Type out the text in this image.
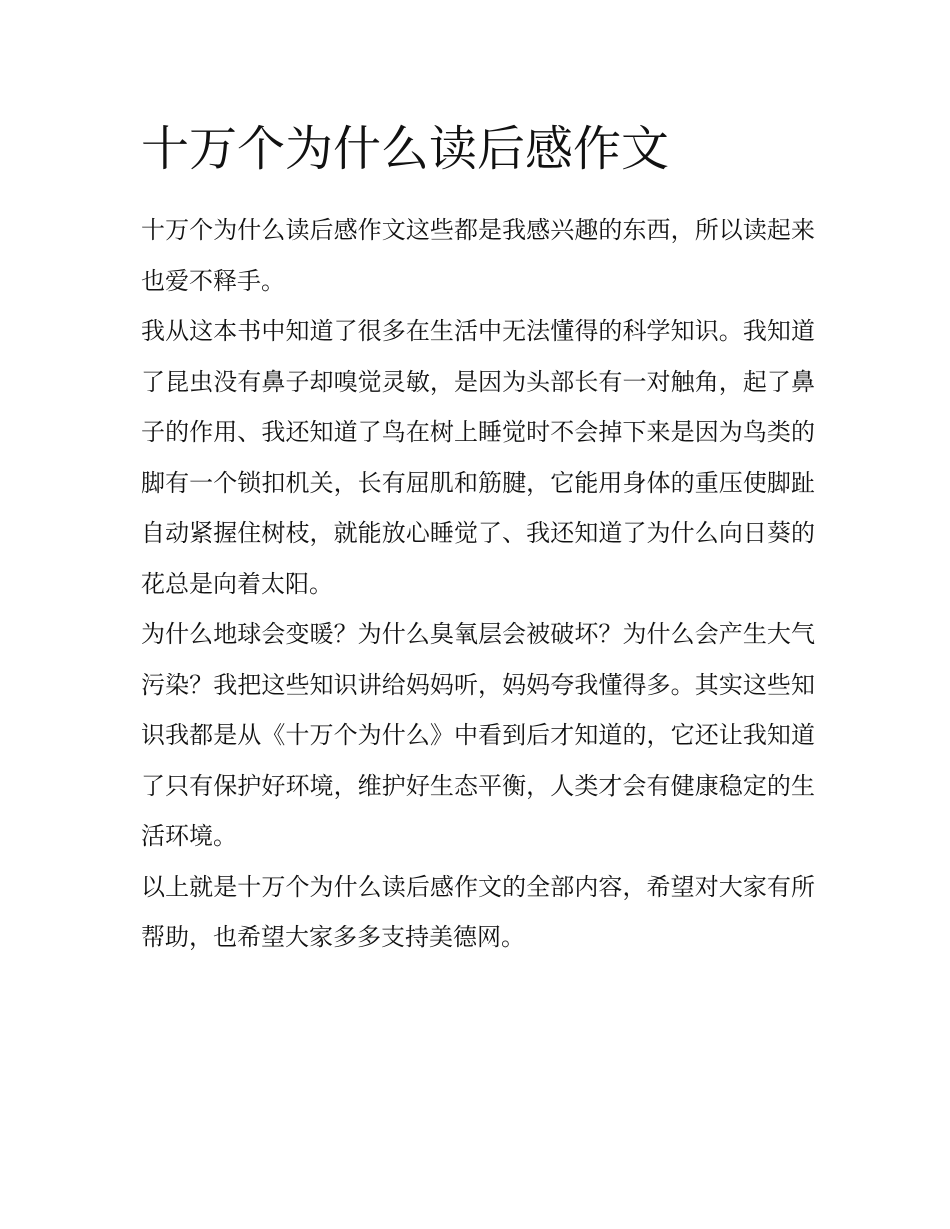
十万个为什么读后感作文

十万个为什么读后感作文这些都是我感兴趣的东西，所以读起来也爱不释手。

我从这本书中知道了很多在生活中无法懂得的科学知识。我知道了昆虫没有鼻子却嗅觉灵敏，是因为头部长有一对触角，起了鼻子的作用、我还知道了鸟在树上睡觉时不会掉下来是因为鸟类的脚有一个锁扣机关，长有屈肌和筋腱，它能用身体的重压使脚趾自动紧握住树枝，就能放心睡觉了、我还知道了为什么向日葵的花总是向着太阳。

为什么地球会变暖？为什么臭氧层会被破坏？为什么会产生大气污染？我把这些知识讲给妈妈听，妈妈夸我懂得多。其实这些知识我都是从《十万个为什么》中看到后才知道的，它还让我知道了只有保护好环境，维护好生态平衡，人类才会有健康稳定的生活环境。

以上就是十万个为什么读后感作文的全部内容，希望对大家有所帮助，也希望大家多多支持美德网。
